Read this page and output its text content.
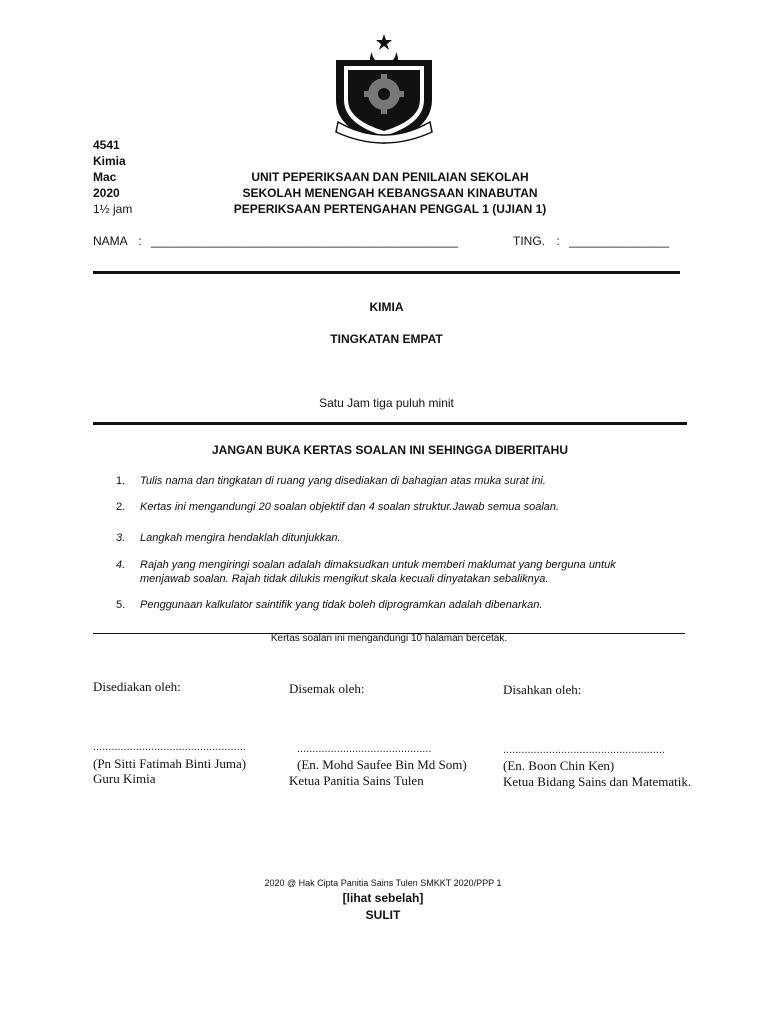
4541
Kimia
Mac
2020
1½ jam
UNIT PEPERIKSAAN DAN PENILAIAN SEKOLAH
SEKOLAH MENENGAH KEBANGSAAN KINABUTAN
PEPERIKSAAN PERTENGAHAN PENGGAL 1 (UJIAN 1)
NAMA : ______________________________________________	TING. : _______________
KIMIA
TINGKATAN EMPAT
Satu Jam tiga puluh minit
JANGAN BUKA KERTAS SOALAN INI SEHINGGA DIBERITAHU
1. Tulis nama dan tingkatan di ruang yang disediakan di bahagian atas muka surat ini.
2. Kertas ini mengandungi 20 soalan objektif dan 4 soalan struktur.Jawab semua soalan.
3. Langkah mengira hendaklah ditunjukkan.
4. Rajah yang mengiringi soalan adalah dimaksudkan untuk memberi maklumat yang berguna untuk menjawab soalan. Rajah tidak dilukis mengikut skala kecuali dinyatakan sebaliknya.
5. Penggunaan kalkulator saintifik yang tidak boleh diprogramkan adalah dibenarkan.
Kertas soalan ini mengandungi 10 halaman bercetak.
Disediakan oleh:	Disemak oleh:	Disahkan oleh:
..................................................	............................................	.....................................................
(Pn Sitti Fatimah Binti Juma)	(En. Mohd Saufee Bin Md Som)	(En. Boon Chin Ken)
Guru Kimia	Ketua Panitia Sains Tulen	Ketua Bidang Sains dan Matematik.
2020 @ Hak Cipta Panitia Sains Tulen SMKKT 2020/PPP 1
[lihat sebelah]
SULIT
